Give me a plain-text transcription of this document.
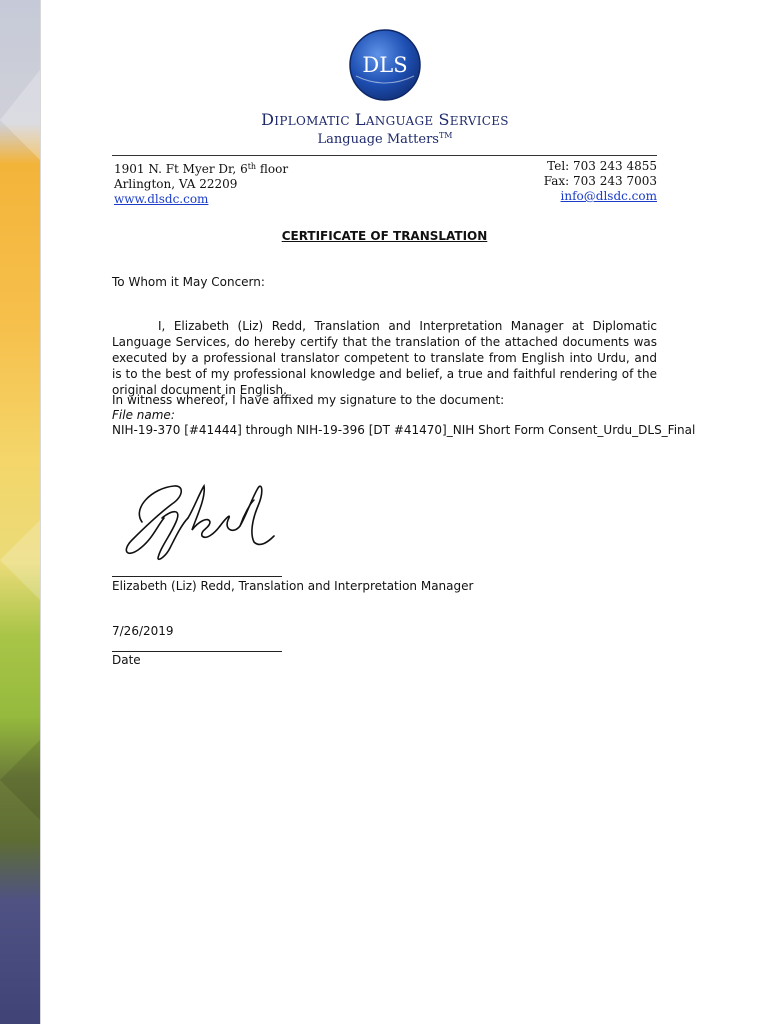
DLS
DIPLOMATIC LANGUAGE SERVICES
Language Matters™
1901 N. Ft Myer Dr, 6th floor
Arlington, VA 22209
www.dlsdc.com
Tel: 703 243 4855
Fax: 703 243 7003
info@dlsdc.com
CERTIFICATE OF TRANSLATION
To Whom it May Concern:
I, Elizabeth (Liz) Redd, Translation and Interpretation Manager at Diplomatic Language Services, do hereby certify that the translation of the attached documents was executed by a professional translator competent to translate from English into Urdu, and is to the best of my professional knowledge and belief, a true and faithful rendering of the original document in English.
In witness whereof, I have affixed my signature to the document:
File name:
NIH-19-370 [#41444] through NIH-19-396 [DT #41470]_NIH Short Form Consent_Urdu_DLS_Final
Elizabeth (Liz) Redd, Translation and Interpretation Manager
7/26/2019
Date
